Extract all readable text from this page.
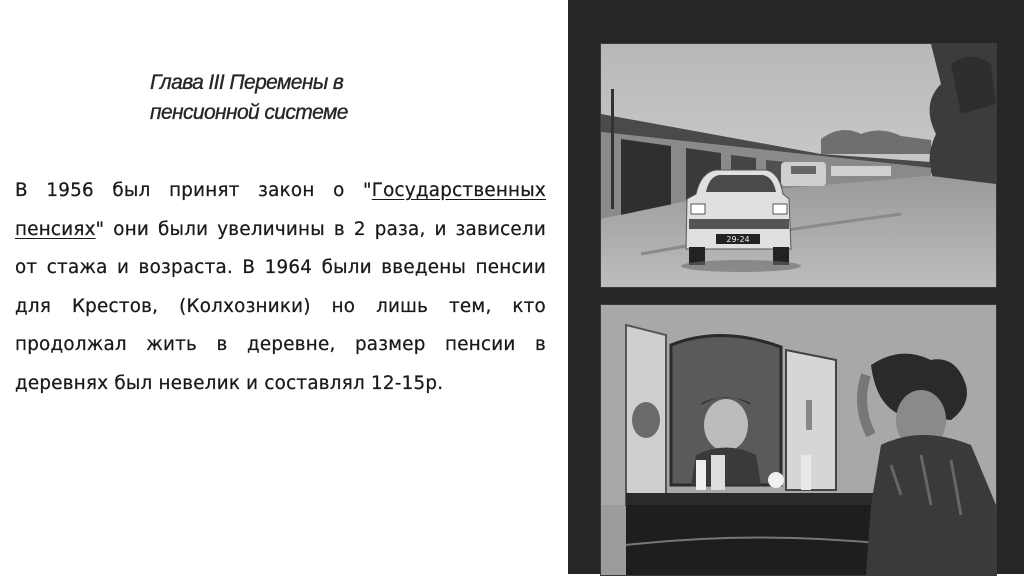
Глава III Перемены в
пенсионной системе
В 1956 был принят закон о "Государственных пенсиях" они были увеличины в 2 раза, и зависели от стажа и возраста. В 1964 были введены пенсии для Крестов, (Колхозники) но лишь тем, кто продолжал жить в деревне, размер пенсии в деревнях был невелик и составлял 12-15р.
29-24
